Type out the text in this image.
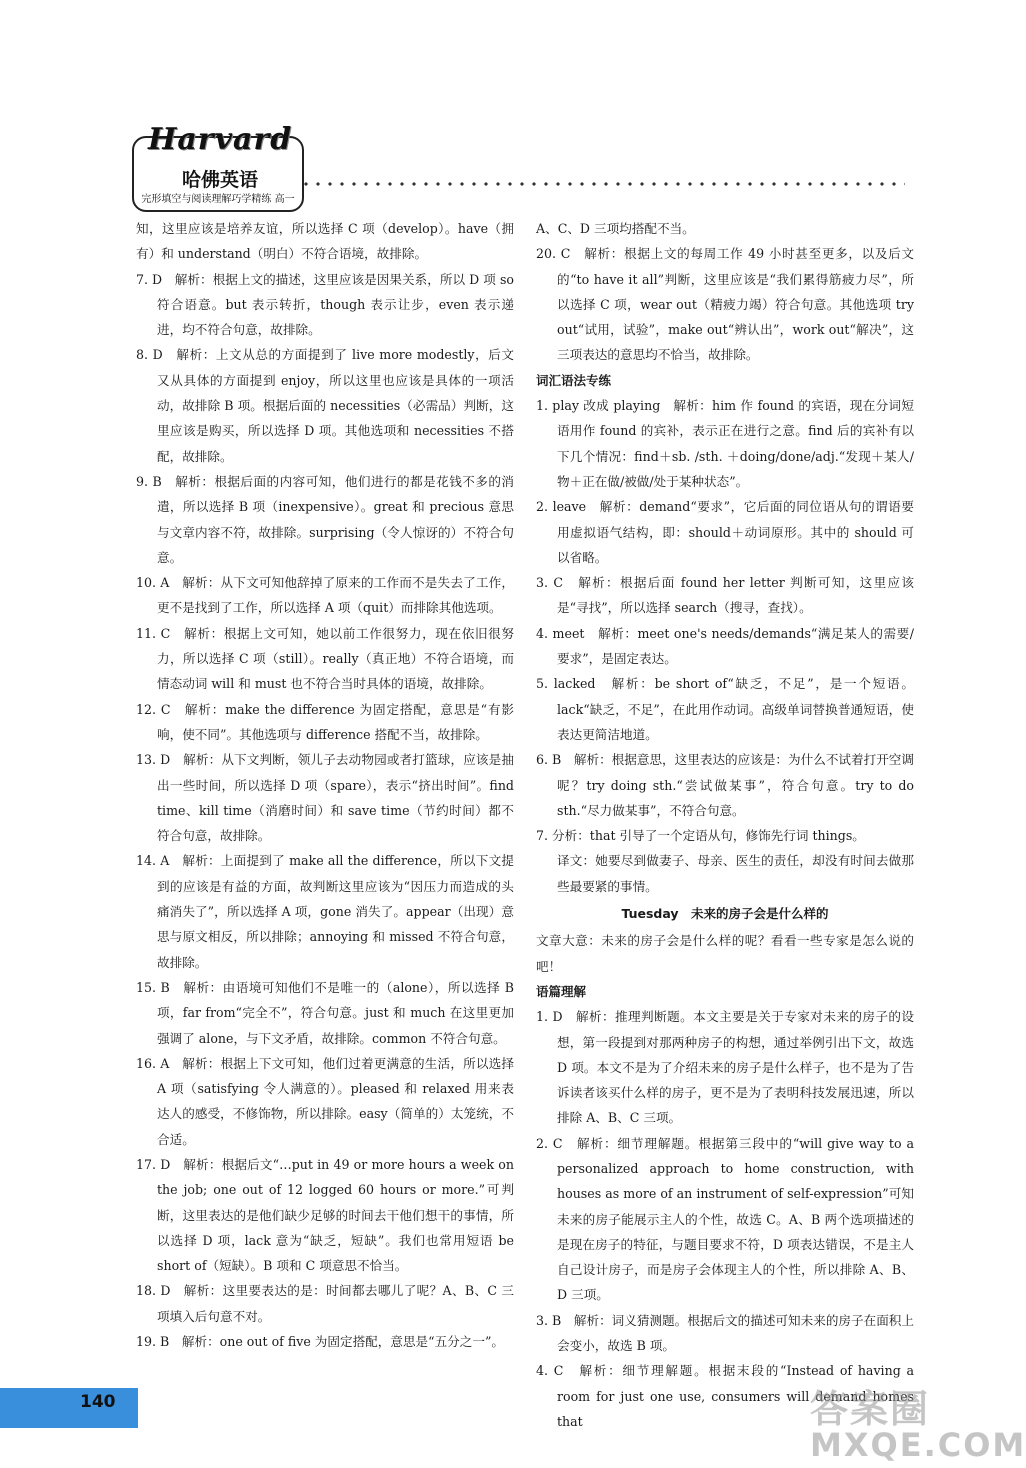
Harvard
哈佛英语
完形填空与阅读理解巧学精练 高一

知，这里应该是培养友谊，所以选择 C 项（develop）。have（拥有）和 understand（明白）不符合语境，故排除。

7. D　解析：根据上文的描述，这里应该是因果关系，所以 D 项 so 符合语意。but 表示转折，though 表示让步，even 表示递进，均不符合句意，故排除。

8. D　解析：上文从总的方面提到了 live more modestly，后文又从具体的方面提到 enjoy，所以这里也应该是具体的一项活动，故排除 B 项。根据后面的 necessities（必需品）判断，这里应该是购买，所以选择 D 项。其他选项和 necessities 不搭配，故排除。

9. B　解析：根据后面的内容可知，他们进行的都是花钱不多的消遣，所以选择 B 项（inexpensive）。great 和 precious 意思与文章内容不符，故排除。surprising（令人惊讶的）不符合句意。

10. A　解析：从下文可知他辞掉了原来的工作而不是失去了工作，更不是找到了工作，所以选择 A 项（quit）而排除其他选项。

11. C　解析：根据上文可知，她以前工作很努力，现在依旧很努力，所以选择 C 项（still）。really（真正地）不符合语境，而情态动词 will 和 must 也不符合当时具体的语境，故排除。

12. C　解析：make the difference 为固定搭配，意思是“有影响，使不同”。其他选项与 difference 搭配不当，故排除。

13. D　解析：从下文判断，领儿子去动物园或者打篮球，应该是抽出一些时间，所以选择 D 项（spare），表示“挤出时间”。find time、kill time（消磨时间）和 save time（节约时间）都不符合句意，故排除。

14. A　解析：上面提到了 make all the difference，所以下文提到的应该是有益的方面，故判断这里应该为“因压力而造成的头痛消失了”，所以选择 A 项，gone 消失了。appear（出现）意思与原文相反，所以排除；annoying 和 missed 不符合句意，故排除。

15. B　解析：由语境可知他们不是唯一的（alone），所以选择 B 项，far from“完全不”，符合句意。just 和 much 在这里更加强调了 alone，与下文矛盾，故排除。common 不符合句意。

16. A　解析：根据上下文可知，他们过着更满意的生活，所以选择 A 项（satisfying 令人满意的）。pleased 和 relaxed 用来表达人的感受，不修饰物，所以排除。easy（简单的）太笼统，不合适。

17. D　解析：根据后文“…put in 49 or more hours a week on the job; one out of 12 logged 60 hours or more.”可判断，这里表达的是他们缺少足够的时间去干他们想干的事情，所以选择 D 项，lack 意为“缺乏，短缺”。我们也常用短语 be short of（短缺）。B 项和 C 项意思不恰当。

18. D　解析：这里要表达的是：时间都去哪儿了呢？A、B、C 三项填入后句意不对。

19. B　解析：one out of five 为固定搭配，意思是“五分之一”。

A、C、D 三项均搭配不当。

20. C　解析：根据上文的每周工作 49 小时甚至更多，以及后文的“to have it all”判断，这里应该是“我们累得筋疲力尽”，所以选择 C 项，wear out（精疲力竭）符合句意。其他选项 try out“试用，试验”，make out“辨认出”，work out“解决”，这三项表达的意思均不恰当，故排除。

词汇语法专练

1. play 改成 playing　解析：him 作 found 的宾语，现在分词短语用作 found 的宾补，表示正在进行之意。find 后的宾补有以下几个情况：find＋sb. /sth. ＋doing/done/adj.“发现＋某人/物＋正在做/被做/处于某种状态”。

2. leave　解析：demand“要求”，它后面的同位语从句的谓语要用虚拟语气结构，即：should＋动词原形。其中的 should 可以省略。

3. C　解析：根据后面 found her letter 判断可知，这里应该是“寻找”，所以选择 search（搜寻，查找）。

4. meet　解析：meet one's needs/demands“满足某人的需要/要求”，是固定表达。

5. lacked　解析：be short of“缺乏，不足”，是一个短语。lack“缺乏，不足”，在此用作动词。高级单词替换普通短语，使表达更简洁地道。

6. B　解析：根据意思，这里表达的应该是：为什么不试着打开空调呢？try doing sth.“尝试做某事”，符合句意。try to do sth.“尽力做某事”，不符合句意。

7. 分析：that 引导了一个定语从句，修饰先行词 things。

译文：她要尽到做妻子、母亲、医生的责任，却没有时间去做那些最要紧的事情。

Tuesday　未来的房子会是什么样的

文章大意：未来的房子会是什么样的呢？看看一些专家是怎么说的吧！

语篇理解

1. D　解析：推理判断题。本文主要是关于专家对未来的房子的设想，第一段提到对那两种房子的构想，通过举例引出下文，故选 D 项。本文不是为了介绍未来的房子是什么样子，也不是为了告诉读者该买什么样的房子，更不是为了表明科技发展迅速，所以排除 A、B、C 三项。

2. C　解析：细节理解题。根据第三段中的“will give way to a personalized approach to home construction, with houses as more of an instrument of self-expression”可知未来的房子能展示主人的个性，故选 C。A、B 两个选项描述的是现在房子的特征，与题目要求不符，D 项表达错误，不是主人自己设计房子，而是房子会体现主人的个性，所以排除 A、B、D 三项。

3. B　解析：词义猜测题。根据后文的描述可知未来的房子在面积上会变小，故选 B 项。

4. C　解析：细节理解题。根据末段的“Instead of having a room for just one use, consumers will demand homes that

140	答案圈
MXQE.COM
